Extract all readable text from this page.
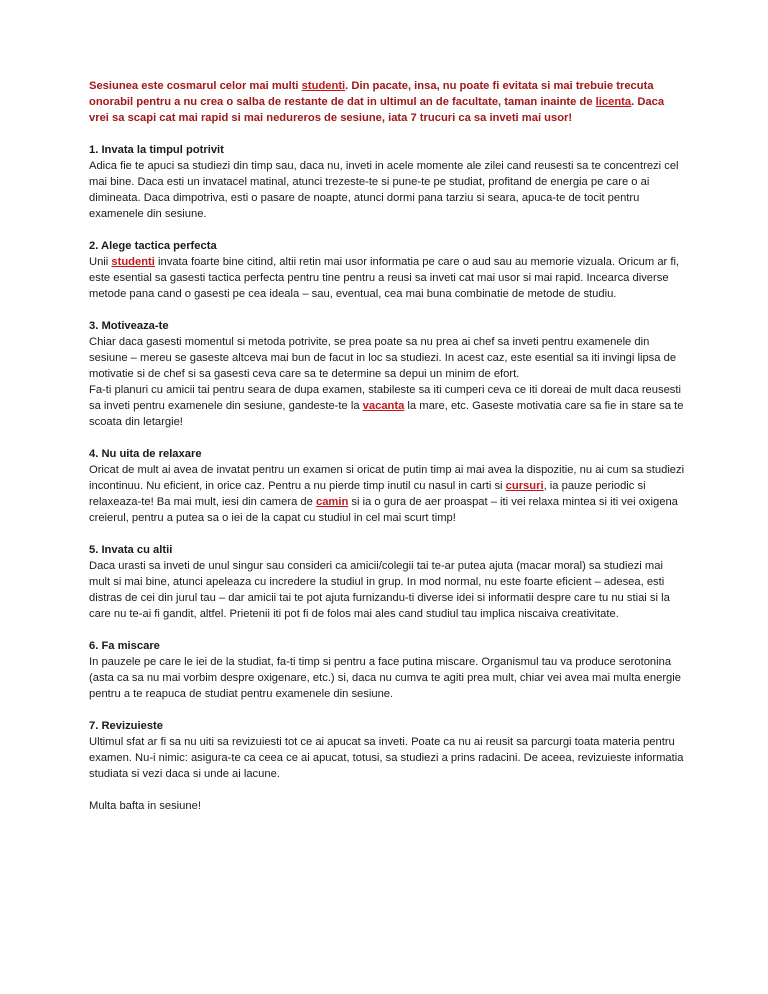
Sesiunea este cosmarul celor mai multi studenti. Din pacate, insa, nu poate fi evitata si mai trebuie trecuta onorabil pentru a nu crea o salba de restante de dat in ultimul an de facultate, taman inainte de licenta. Daca vrei sa scapi cat mai rapid si mai nedureros de sesiune, iata 7 trucuri ca sa inveti mai usor!

1. Invata la timpul potrivit

Adica fie te apuci sa studiezi din timp sau, daca nu, inveti in acele momente ale zilei cand reusesti sa te concentrezi cel mai bine. Daca esti un invatacel matinal, atunci trezeste-te si pune-te pe studiat, profitand de energia pe care o ai dimineata. Daca dimpotriva, esti o pasare de noapte, atunci dormi pana tarziu si seara, apuca-te de tocit pentru examenele din sesiune.

2. Alege tactica perfecta

Unii studenti invata foarte bine citind, altii retin mai usor informatia pe care o aud sau au memorie vizuala. Oricum ar fi, este esential sa gasesti tactica perfecta pentru tine pentru a reusi sa inveti cat mai usor si mai rapid. Incearca diverse metode pana cand o gasesti pe cea ideala – sau, eventual, cea mai buna combinatie de metode de studiu.

3. Motiveaza-te

Chiar daca gasesti momentul si metoda potrivite, se prea poate sa nu prea ai chef sa inveti pentru examenele din sesiune – mereu se gaseste altceva mai bun de facut in loc sa studiezi. In acest caz, este esential sa iti invingi lipsa de motivatie si de chef si sa gasesti ceva care sa te determine sa depui un minim de efort.

Fa-ti planuri cu amicii tai pentru seara de dupa examen, stabileste sa iti cumperi ceva ce iti doreai de mult daca reusesti sa inveti pentru examenele din sesiune, gandeste-te la vacanta la mare, etc. Gaseste motivatia care sa fie in stare sa te scoata din letargie!

4. Nu uita de relaxare

Oricat de mult ai avea de invatat pentru un examen si oricat de putin timp ai mai avea la dispozitie, nu ai cum sa studiezi incontinuu. Nu eficient, in orice caz. Pentru a nu pierde timp inutil cu nasul in carti si cursuri, ia pauze periodic si relaxeaza-te! Ba mai mult, iesi din camera de camin si ia o gura de aer proaspat – iti vei relaxa mintea si iti vei oxigena creierul, pentru a putea sa o iei de la capat cu studiul in cel mai scurt timp!

5. Invata cu altii

Daca urasti sa inveti de unul singur sau consideri ca amicii/colegii tai te-ar putea ajuta (macar moral) sa studiezi mai mult si mai bine, atunci apeleaza cu incredere la studiul in grup. In mod normal, nu este foarte eficient – adesea, esti distras de cei din jurul tau – dar amicii tai te pot ajuta furnizandu-ti diverse idei si informatii despre care tu nu stiai si la care nu te-ai fi gandit, altfel. Prietenii iti pot fi de folos mai ales cand studiul tau implica niscaiva creativitate.

6. Fa miscare

In pauzele pe care le iei de la studiat, fa-ti timp si pentru a face putina miscare. Organismul tau va produce serotonina (asta ca sa nu mai vorbim despre oxigenare, etc.) si, daca nu cumva te agiti prea mult, chiar vei avea mai multa energie pentru a te reapuca de studiat pentru examenele din sesiune.

7. Revizuieste

Ultimul sfat ar fi sa nu uiti sa revizuiesti tot ce ai apucat sa inveti. Poate ca nu ai reusit sa parcurgi toata materia pentru examen. Nu-i nimic: asigura-te ca ceea ce ai apucat, totusi, sa studiezi a prins radacini. De aceea, revizuieste informatia studiata si vezi daca si unde ai lacune.

Multa bafta in sesiune!
